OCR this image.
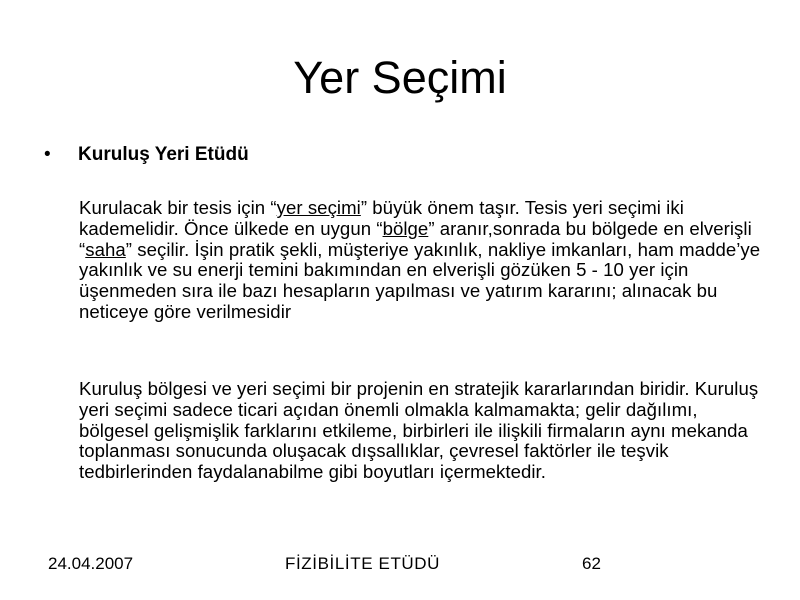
Yer Seçimi
•	Kuruluş Yeri Etüdü

Kurulacak bir tesis için “yer seçimi” büyük önem taşır. Tesis yeri seçimi iki kademelidir. Önce ülkede en uygun “bölge” aranır,sonrada bu bölgede en elverişli “saha” seçilir. İşin pratik şekli, müşteriye yakınlık, nakliye imkanları, ham madde’ye yakınlık ve su enerji temini bakımından en elverişli gözüken 5 - 10 yer için üşenmeden sıra ile bazı hesapların yapılması ve yatırım kararını; alınacak bu neticeye göre verilmesidir

Kuruluş bölgesi ve yeri seçimi bir projenin en stratejik kararlarından biridir. Kuruluş yeri seçimi sadece ticari açıdan önemli olmakla kalmamakta; gelir dağılımı, bölgesel gelişmişlik farklarını etkileme, birbirleri ile ilişkili firmaların aynı mekanda toplanması sonucunda oluşacak dışsallıklar, çevresel faktörler ile teşvik tedbirlerinden faydalanabilme gibi boyutları içermektedir.

24.04.2007	FİZİBİLİTE ETÜDÜ	62
